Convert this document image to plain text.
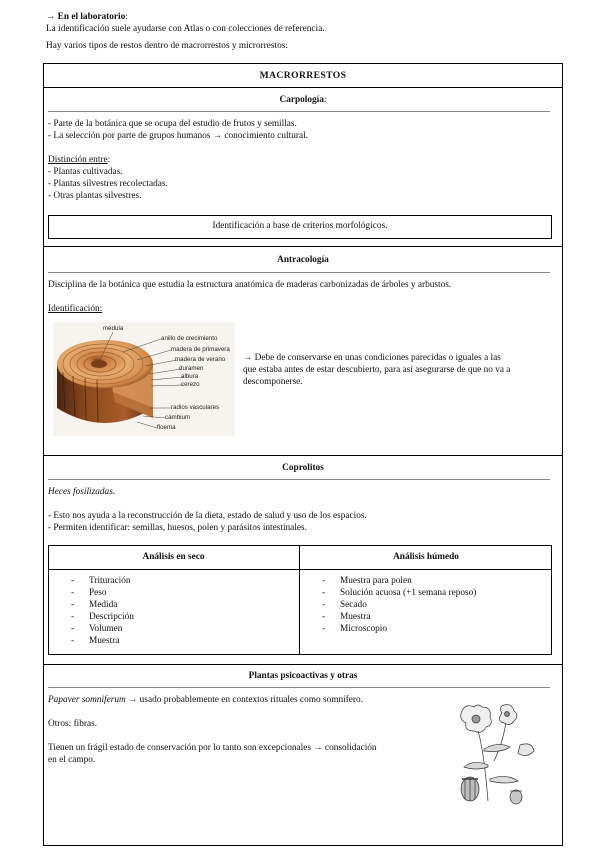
→ En el laboratorio:
La identificación suele ayudarse con Atlas o con colecciones de referencia.
Hay varios tipos de restos dentro de macrorrestos y microrrestos:
MACRORRESTOS
Carpología:
- Parte de la botánica que se ocupa del estudio de frutos y semillas.
- La selección por parte de grupos humanos → conocimiento cultural.
Distinción entre:
- Plantas cultivadas.
- Plantas silvestres recolectadas.
- Otras plantas silvestres.
Identificación a base de criterios morfológicos.
Antracología
Disciplina de la botánica que estudia la estructura anatómica de maderas carbonizadas de árboles y arbustos.
Identificación:
médula
anillo de crecimiento
madera de primavera
madera de verano
duramen
albura
cerezo
radios vasculares
cámbium
floema
→ Debe de conservarse en unas condiciones parecidas o iguales a las
que estaba antes de estar descubierto, para así asegurarse de que no va a
descomponerse.
Coprolitos
Heces fosilizadas.
- Esto nos ayuda a la reconstrucción de la dieta, estado de salud y uso de los espacios.
- Permiten identificar: semillas, huesos, polen y parásitos intestinales.
Análisis en seco	Análisis húmedo
- Trituración
- Peso
- Medida
- Descripción
- Volumen
- Muestra
- Muestra para polen
- Solución acuosa (+1 semana reposo)
- Secado
- Muestra
- Microscopio
Plantas psicoactivas y otras
Papaver somniferum → usado probablemente en contextos rituales como somnífero.
Otros: fibras.
Tienen un frágil estado de conservación por lo tanto son excepcionales → consolidación
en el campo.
